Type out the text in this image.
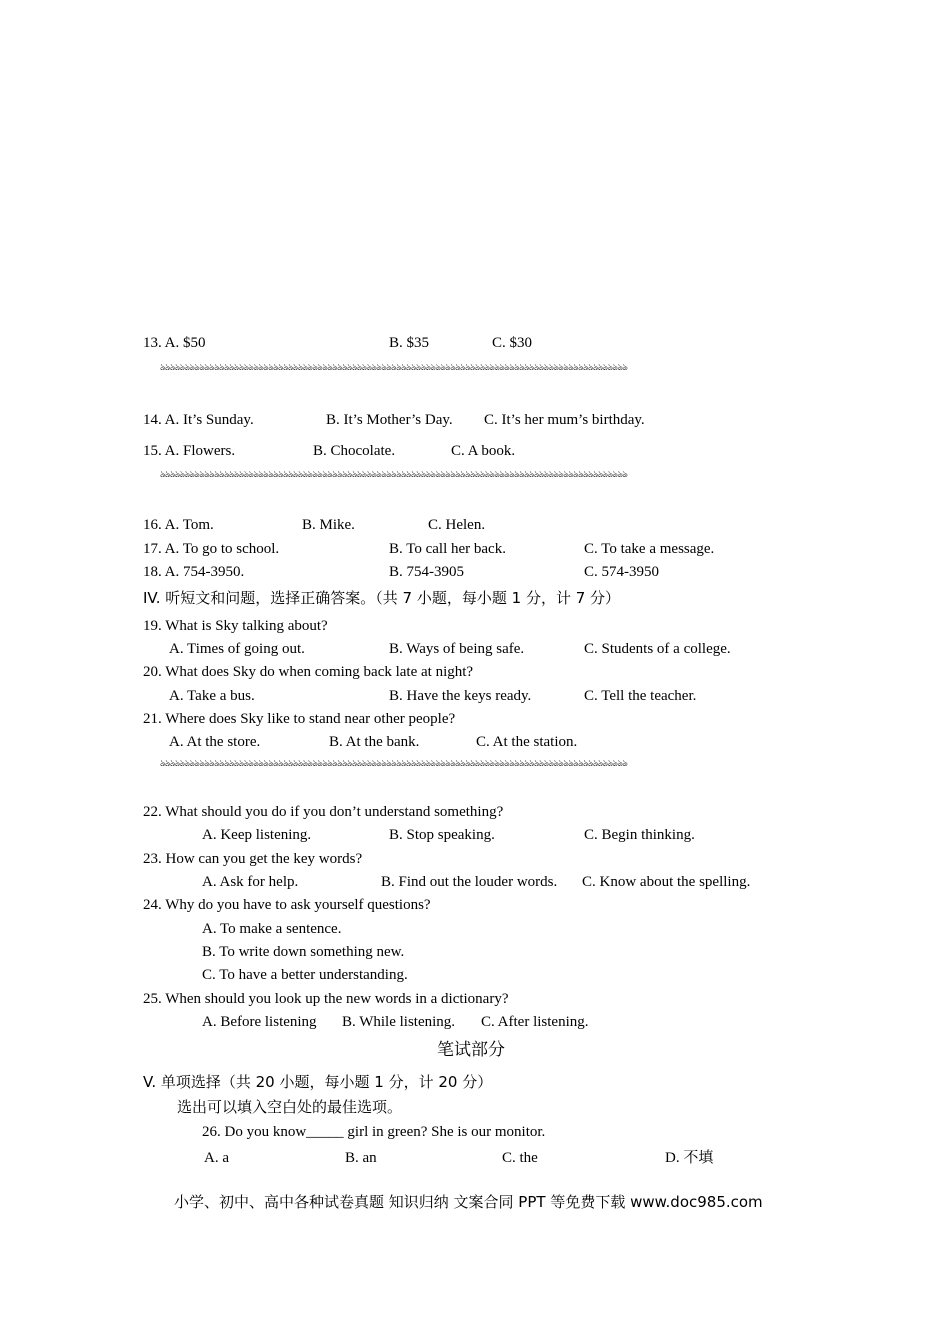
13. A. $50	B. $35	C. $30
ঌঌঌঌঌঌঌঌঌঌঌঌঌঌঌঌঌঌঌঌঌঌঌঌঌঌঌঌঌঌঌঌঌঌঌঌঌঌঌঌঌঌঌঌঌঌঌঌঌঌঌঌঌঌঌঌঌঌঌঌঌঌঌঌঌঌঌঌঌঌঌঌঌঌঌঌঌঌঌঌঌঌঌঌঌঌঌঌঌঌঌঌঌঌঌ
14. A. It’s Sunday.	B. It’s Mother’s Day. C. It’s her mum’s birthday.
15. A. Flowers.	B. Chocolate.	C. A book.
ঌঌঌঌঌঌঌঌঌঌঌঌঌঌঌঌঌঌঌঌঌঌঌঌঌঌঌঌঌঌঌঌঌঌঌঌঌঌঌঌঌঌঌঌঌঌঌঌঌঌঌঌঌঌঌঌঌঌঌঌঌঌঌঌঌঌঌঌঌঌঌঌঌঌঌঌঌঌঌঌঌঌঌঌঌঌঌঌঌঌঌঌঌঌঌ
16. A. Tom.	B. Mike.	C. Helen.
17. A. To go to school.	B. To call her back.	C. To take a message.
18. A. 754-3950.	B. 754-3905	C. 574-3950
IV. 听短文和问题，选择正确答案。（共 7 小题，每小题 1 分，计 7 分）
19. What is Sky talking about?
A. Times of going out.	B. Ways of being safe.	C. Students of a college.
20. What does Sky do when coming back late at night?
A. Take a bus.	B. Have the keys ready.	C. Tell the teacher.
21. Where does Sky like to stand near other people?
A. At the store.	B. At the bank.	C. At the station.
ঌঌঌঌঌঌঌঌঌঌঌঌঌঌঌঌঌঌঌঌঌঌঌঌঌঌঌঌঌঌঌঌঌঌঌঌঌঌঌঌঌঌঌঌঌঌঌঌঌঌঌঌঌঌঌঌঌঌঌঌঌঌঌঌঌঌঌঌঌঌঌঌঌঌঌঌঌঌঌঌঌঌঌঌঌঌঌঌঌঌঌঌঌঌঌ
22. What should you do if you don’t understand something?
A. Keep listening.	B. Stop speaking.	C. Begin thinking.
23. How can you get the key words?
A. Ask for help.	B. Find out the louder words. C. Know about the spelling.
24. Why do you have to ask yourself questions?
A. To make a sentence.
B. To write down something new.
C. To have a better understanding.
25. When should you look up the new words in a dictionary?
A. Before listening B. While listening. C. After listening.
笔试部分
V. 单项选择（共 20 小题，每小题 1 分，计 20 分）
选出可以填入空白处的最佳选项。
26. Do you know_____ girl in green? She is our monitor.
A. a	B. an	C. the	D. 不填
小学、初中、高中各种试卷真题 知识归纳 文案合同 PPT 等免费下载 www.doc985.com
